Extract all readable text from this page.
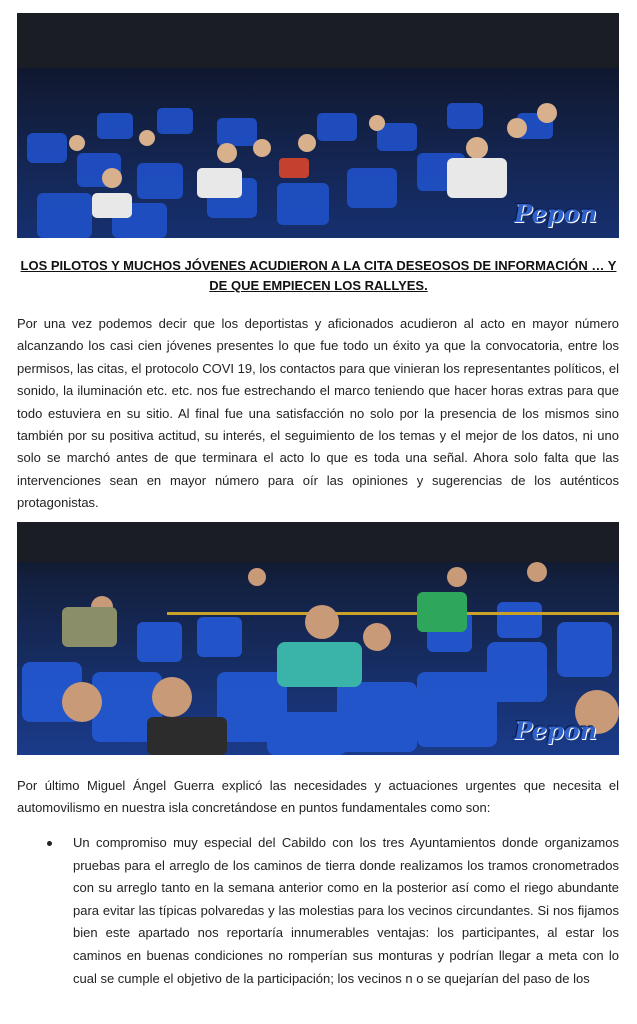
Pepon
LOS PILOTOS Y MUCHOS JÓVENES ACUDIERON A LA CITA DESEOSOS DE INFORMACIÓN … Y DE QUE EMPIECEN LOS RALLYES.

Por una vez podemos decir que los deportistas y aficionados acudieron al acto en mayor número alcanzando los casi cien jóvenes presentes lo que fue todo un éxito ya que la convocatoria, entre los permisos, las citas, el protocolo COVI 19, los contactos para que vinieran los representantes políticos, el sonido, la iluminación etc. etc. nos fue estrechando el marco teniendo que hacer horas extras para que todo estuviera en su sitio. Al final fue una satisfacción no solo por la presencia de los mismos sino también por su positiva actitud, su interés, el seguimiento de los temas y el mejor de los datos, ni uno solo se marchó antes de que terminara el acto lo que es toda una señal. Ahora solo falta que las intervenciones sean en mayor número para oír las opiniones y sugerencias de los auténticos protagonistas.

Pepon

Por último Miguel Ángel Guerra explicó las necesidades y actuaciones urgentes que necesita el automovilismo en nuestra isla concretándose en puntos fundamentales como son:

Un compromiso muy especial del Cabildo con los tres Ayuntamientos donde organizamos pruebas para el arreglo de los caminos de tierra donde realizamos los tramos cronometrados con su arreglo tanto en la semana anterior como en la posterior así como el riego abundante para evitar las típicas polvaredas y las molestias para los vecinos circundantes. Si nos fijamos bien este apartado nos reportaría innumerables ventajas: los participantes, al estar los caminos en buenas condiciones no romperían sus monturas y podrían llegar a meta con lo cual se cumple el objetivo de la participación; los vecinos n o se quejarían del paso de los
